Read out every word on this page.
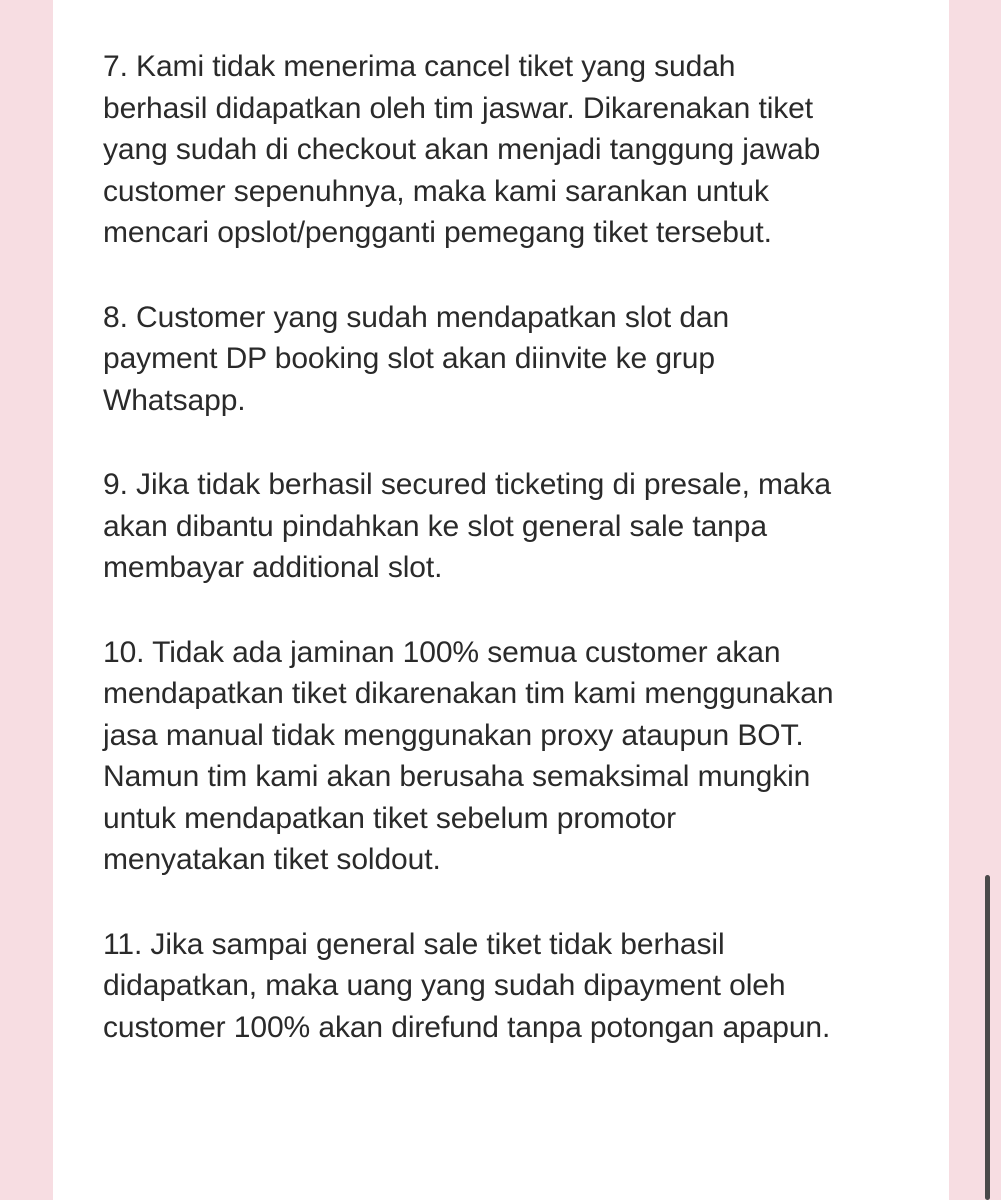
7. Kami tidak menerima cancel tiket yang sudah
berhasil didapatkan oleh tim jaswar. Dikarenakan tiket
yang sudah di checkout akan menjadi tanggung jawab
customer sepenuhnya, maka kami sarankan untuk
mencari opslot/pengganti pemegang tiket tersebut.

8. Customer yang sudah mendapatkan slot dan
payment DP booking slot akan diinvite ke grup
Whatsapp.

9. Jika tidak berhasil secured ticketing di presale, maka
akan dibantu pindahkan ke slot general sale tanpa
membayar additional slot.

10. Tidak ada jaminan 100% semua customer akan
mendapatkan tiket dikarenakan tim kami menggunakan
jasa manual tidak menggunakan proxy ataupun BOT.
Namun tim kami akan berusaha semaksimal mungkin
untuk mendapatkan tiket sebelum promotor
menyatakan tiket soldout.

11. Jika sampai general sale tiket tidak berhasil
didapatkan, maka uang yang sudah dipayment oleh
customer 100% akan direfund tanpa potongan apapun.
